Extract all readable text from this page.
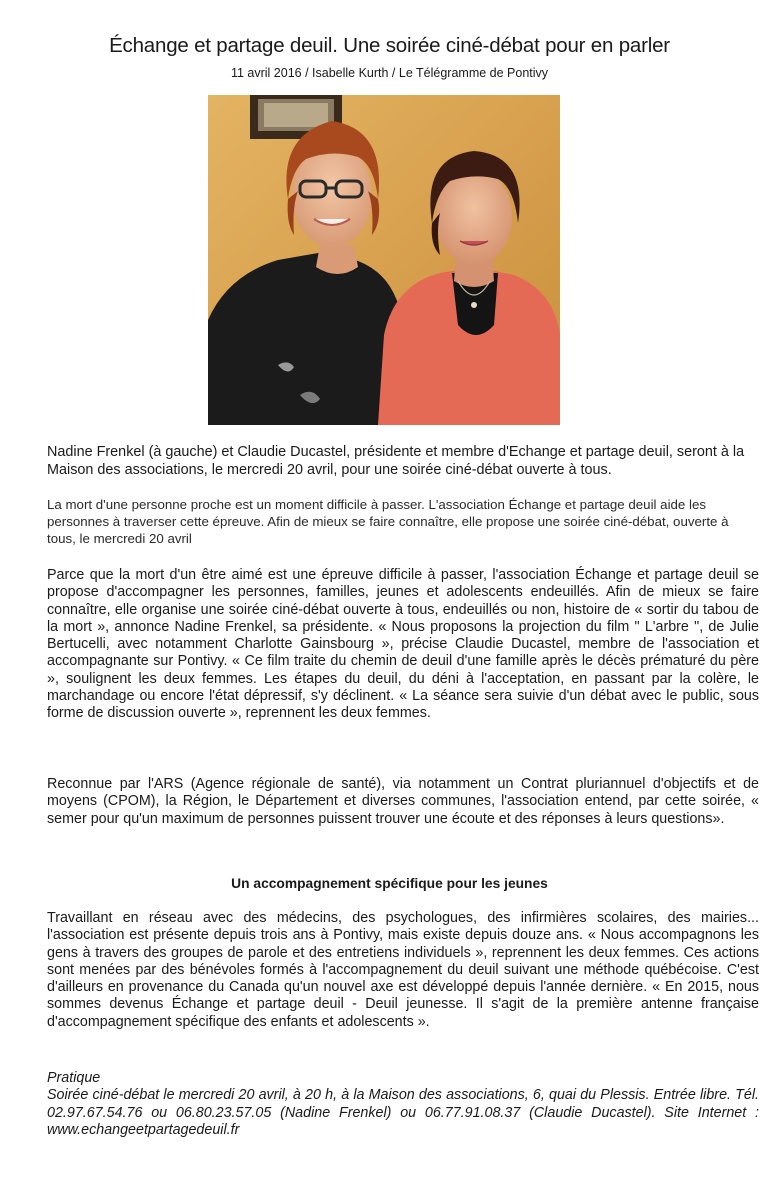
Échange et partage deuil. Une soirée ciné-débat pour en parler
11 avril 2016 / Isabelle Kurth / Le Télégramme de Pontivy
Nadine Frenkel (à gauche) et Claudie Ducastel, présidente et membre d'Echange et partage deuil, seront à la Maison des associations, le mercredi 20 avril, pour une soirée ciné-débat ouverte à tous.
La mort d'une personne proche est un moment difficile à passer. L'association Échange et partage deuil aide les personnes à traverser cette épreuve. Afin de mieux se faire connaître, elle propose une soirée ciné-débat, ouverte à tous, le mercredi 20 avril
Parce que la mort d'un être aimé est une épreuve difficile à passer, l'association Échange et partage deuil se propose d'accompagner les personnes, familles, jeunes et adolescents endeuillés. Afin de mieux se faire connaître, elle organise une soirée ciné-débat ouverte à tous, endeuillés ou non, histoire de « sortir du tabou de la mort », annonce Nadine Frenkel, sa présidente. « Nous proposons la projection du film " L'arbre ", de Julie Bertucelli, avec notamment Charlotte Gainsbourg », précise Claudie Ducastel, membre de l'association et accompagnante sur Pontivy. « Ce film traite du chemin de deuil d'une famille après le décès prématuré du père », soulignent les deux femmes. Les étapes du deuil, du déni à l'acceptation, en passant par la colère, le marchandage ou encore l'état dépressif, s'y déclinent. « La séance sera suivie d'un débat avec le public, sous forme de discussion ouverte », reprennent les deux femmes.
Reconnue par l'ARS (Agence régionale de santé), via notamment un Contrat pluriannuel d'objectifs et de moyens (CPOM), la Région, le Département et diverses communes, l'association entend, par cette soirée, « semer pour qu'un maximum de personnes puissent trouver une écoute et des réponses à leurs questions».
Un accompagnement spécifique pour les jeunes
Travaillant en réseau avec des médecins, des psychologues, des infirmières scolaires, des mairies... l'association est présente depuis trois ans à Pontivy, mais existe depuis douze ans. « Nous accompagnons les gens à travers des groupes de parole et des entretiens individuels », reprennent les deux femmes. Ces actions sont menées par des bénévoles formés à l'accompagnement du deuil suivant une méthode québécoise. C'est d'ailleurs en provenance du Canada qu'un nouvel axe est développé depuis l'année dernière. « En 2015, nous sommes devenus Échange et partage deuil - Deuil jeunesse. Il s'agit de la première antenne française d'accompagnement spécifique des enfants et adolescents ».
Pratique
Soirée ciné-débat le mercredi 20 avril, à 20 h, à la Maison des associations, 6, quai du Plessis. Entrée libre. Tél. 02.97.67.54.76 ou 06.80.23.57.05 (Nadine Frenkel) ou 06.77.91.08.37 (Claudie Ducastel). Site Internet : www.echangeetpartagedeuil.fr
